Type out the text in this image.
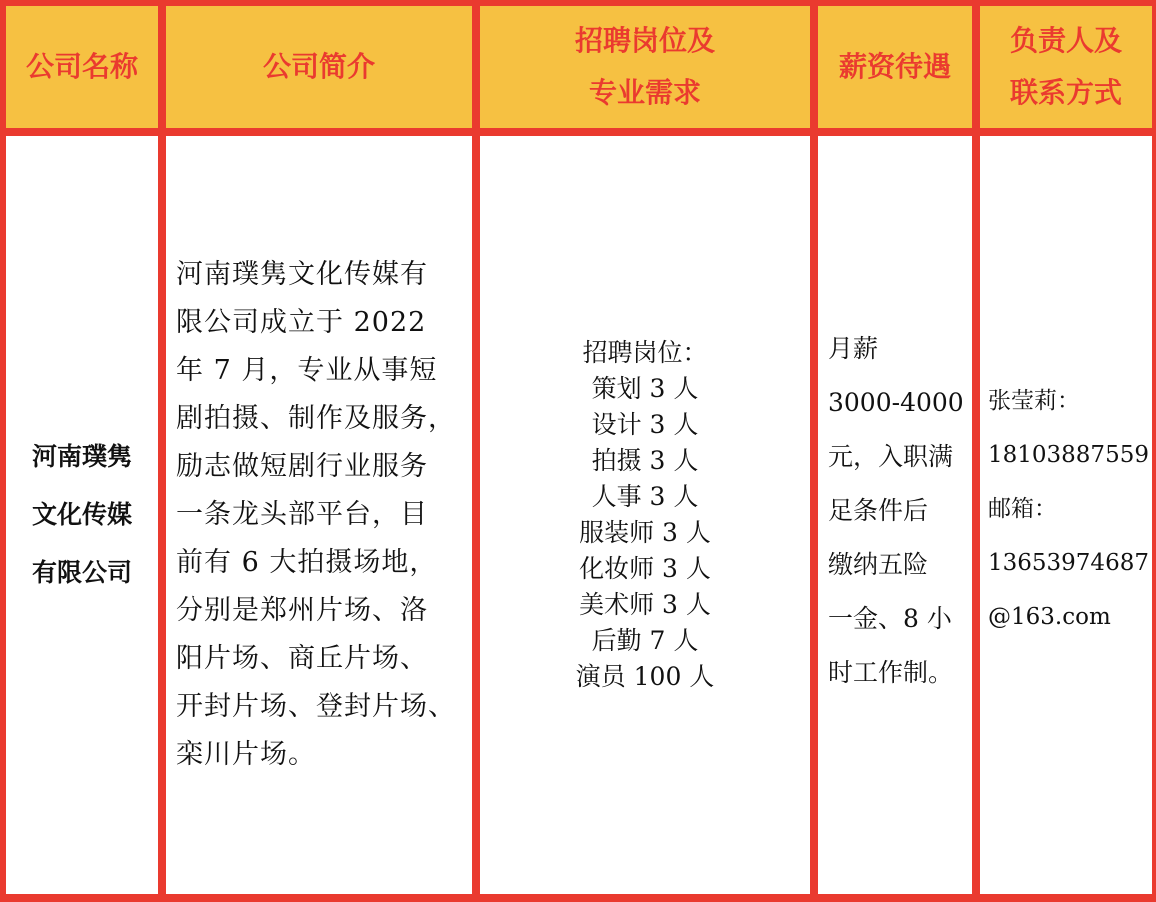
公司名称	公司简介
招聘岗位及
专业需求
薪资待遇
负责人及
联系方式
河南璞隽
文化传媒
有限公司
河南璞隽文化传媒有
限公司成立于 2022
年 7 月，专业从事短
剧拍摄、制作及服务，
励志做短剧行业服务
一条龙头部平台，目
前有 6 大拍摄场地，
分别是郑州片场、洛
阳片场、商丘片场、
开封片场、登封片场、
栾川片场。
招聘岗位：
策划 3 人
设计 3 人
拍摄 3 人
人事 3 人
服装师 3 人
化妆师 3 人
美术师 3 人
后勤 7 人
演员 100 人
月薪
3000-4000
元，入职满
足条件后
缴纳五险
一金、8 小
时工作制。
张莹莉：
18103887559
邮箱：
13653974687
@163.com
